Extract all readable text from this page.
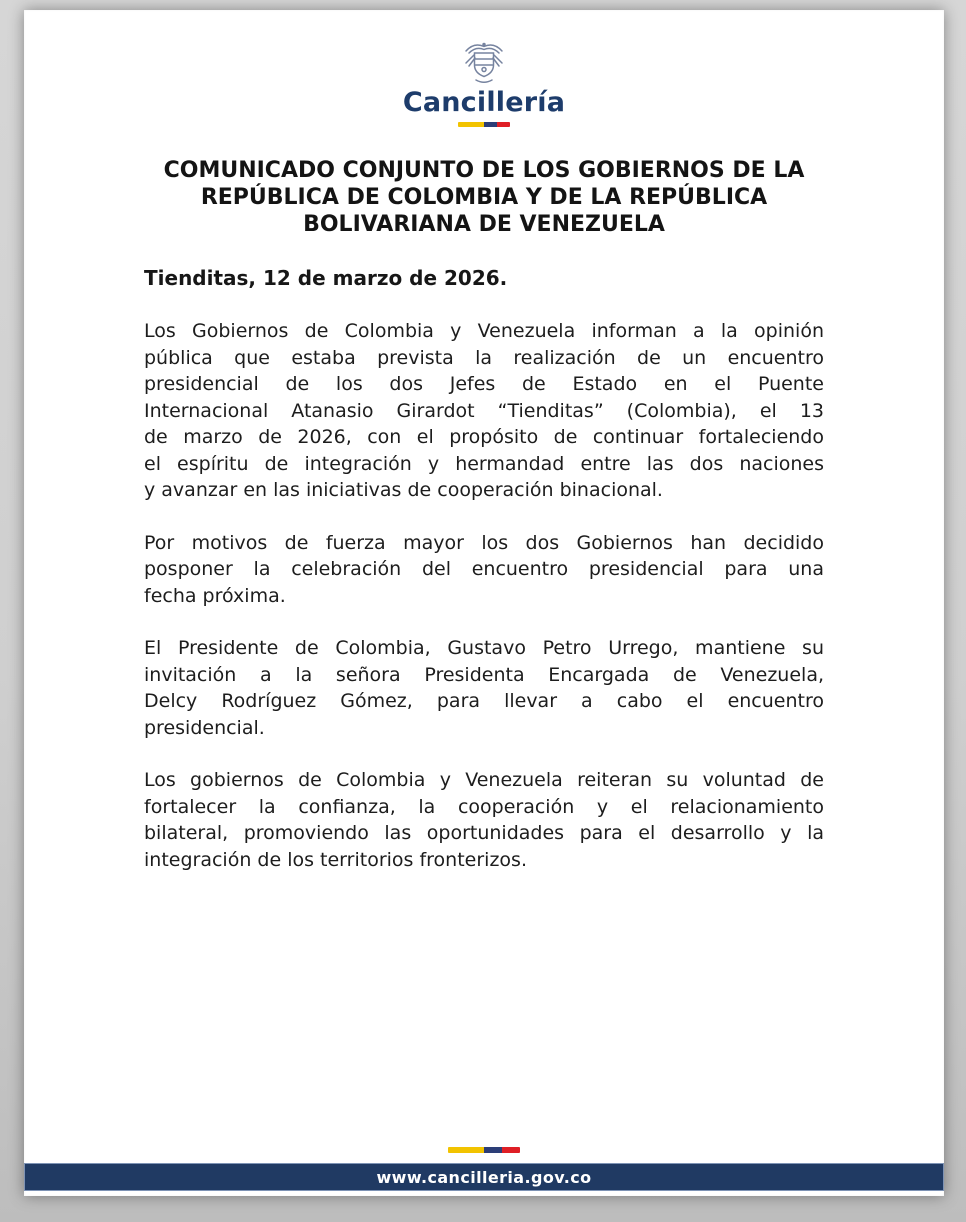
Cancillería
COMUNICADO CONJUNTO DE LOS GOBIERNOS DE LA
REPÚBLICA DE COLOMBIA Y DE LA REPÚBLICA
BOLIVARIANA DE VENEZUELA
Tienditas, 12 de marzo de 2026.
Los Gobiernos de Colombia y Venezuela informan a la opinión
pública que estaba prevista la realización de un encuentro
presidencial de los dos Jefes de Estado en el Puente
Internacional Atanasio Girardot “Tienditas” (Colombia), el 13
de marzo de 2026, con el propósito de continuar fortaleciendo
el espíritu de integración y hermandad entre las dos naciones
y avanzar en las iniciativas de cooperación binacional.
Por motivos de fuerza mayor los dos Gobiernos han decidido
posponer la celebración del encuentro presidencial para una
fecha próxima.
El Presidente de Colombia, Gustavo Petro Urrego, mantiene su
invitación a la señora Presidenta Encargada de Venezuela,
Delcy Rodríguez Gómez, para llevar a cabo el encuentro
presidencial.
Los gobiernos de Colombia y Venezuela reiteran su voluntad de
fortalecer la confianza, la cooperación y el relacionamiento
bilateral, promoviendo las oportunidades para el desarrollo y la
integración de los territorios fronterizos.
www.cancilleria.gov.co
